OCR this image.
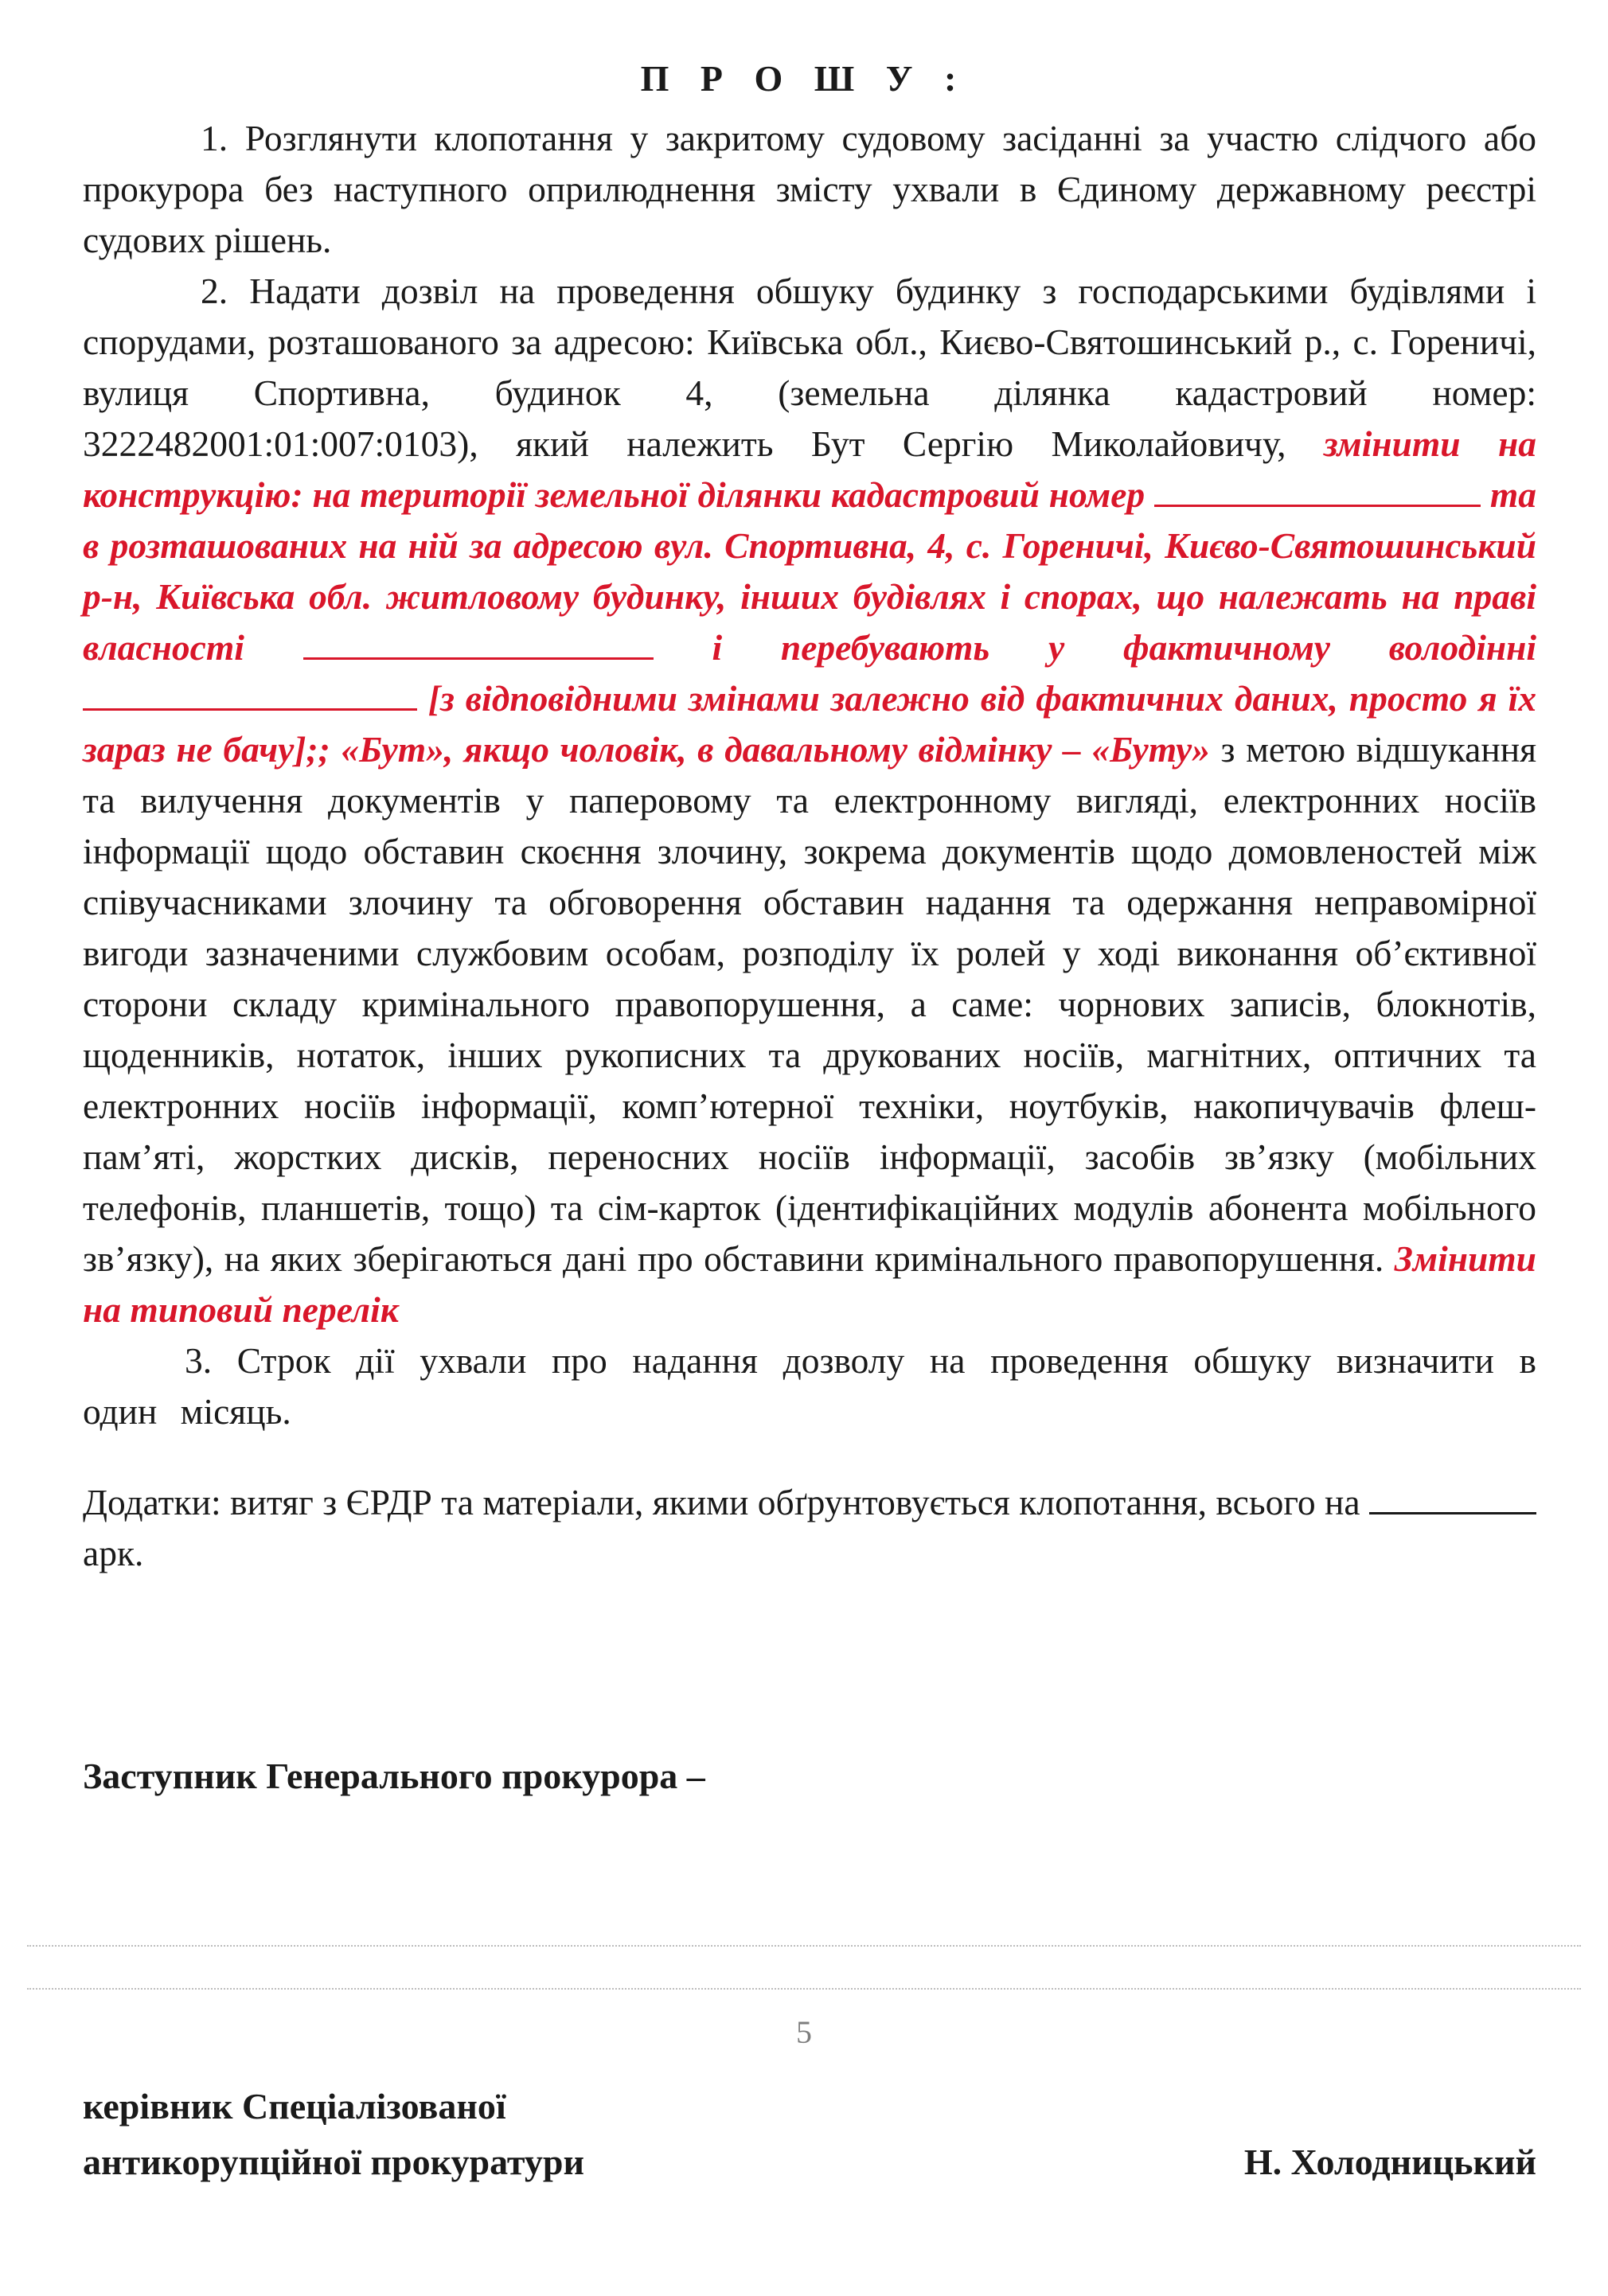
П Р О Ш У :

1. Розглянути клопотання у закритому судовому засіданні за участю слідчого або прокурора без наступного оприлюднення змісту ухвали в Єдиному державному реєстрі судових рішень.

2. Надати дозвіл на проведення обшуку будинку з господарськими будівлями і спорудами, розташованого за адресою: Київська обл., Києво-Святошинський р., с. Гореничі, вулиця Спортивна, будинок 4, (земельна ділянка кадастровий номер: 3222482001:01:007:0103), який належить Бут Сергію Миколайовичу, змінити на конструкцію: на території земельної ділянки кадастровий номер	та в розташованих на ній за адресою вул. Спортивна, 4, с. Гореничі, Києво-Святошинський р-н, Київська обл. житловому будинку, інших будівлях і спорах, що належать на праві власності	і перебувають у фактичному володінні  [з відповідними змінами залежно від фактичних даних, просто я їх зараз не бачу];; «Бут», якщо чоловік, в давальному відмінку – «Буту» з метою відшукання та вилучення документів у паперовому та електронному вигляді, електронних носіїв інформації щодо обставин скоєння злочину, зокрема документів щодо домовленостей між співучасниками злочину та обговорення обставин надання та одержання неправомірної вигоди зазначеними службовим особам, розподілу їх ролей у ході виконання об’єктивної сторони складу кримінального правопорушення, а саме: чорнових записів, блокнотів, щоденників, нотаток, інших рукописних та друкованих носіїв, магнітних, оптичних та електронних носіїв інформації, комп’ютерної техніки, ноутбуків, накопичувачів флеш-пам’яті, жорстких дисків, переносних носіїв інформації, засобів зв’язку (мобільних телефонів, планшетів, тощо) та сім-карток (ідентифікаційних модулів абонента мобільного зв’язку), на яких зберігаються дані про обставини кримінального правопорушення. Змінити на типовий перелік

3. Строк дії ухвали про надання дозволу на проведення обшуку визначити в один місяць.

Додатки: витяг з ЄРДР та матеріали, якими обґрунтовується клопотання, всього на  арк.

Заступник Генерального прокурора –
5
керівник Спеціалізованої
антикорупційної прокуратури	Н. Холодницький
